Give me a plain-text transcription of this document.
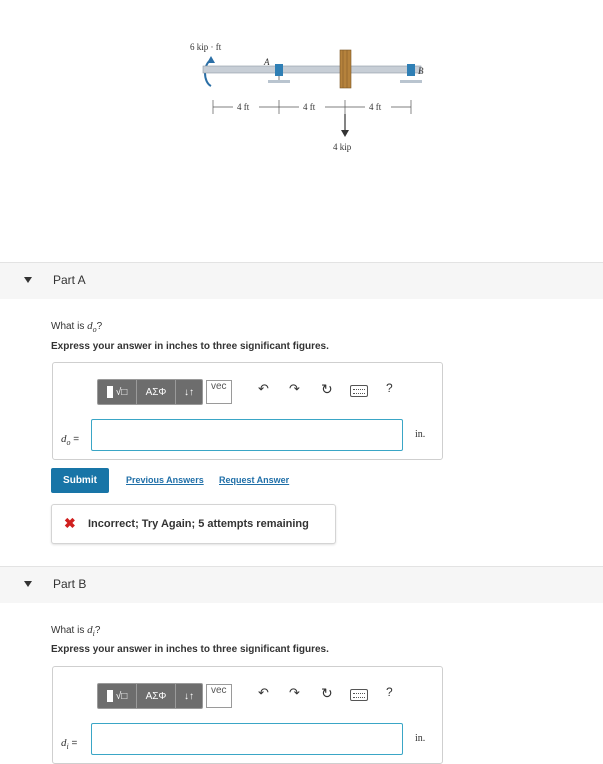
6 kip · ft
A
B
4 ft	4 ft	4 ft
4 kip
Part A
What is $d_o$?
Express your answer in inches to three significant figures.
√□	ΑΣΦ	↓↑	vec	↶ ↷ ↻	?
$d_o$ =	in.
Submit	Previous Answers Request Answer
✖ Incorrect; Try Again; 5 attempts remaining
Part B
What is $d_i$?
Express your answer in inches to three significant figures.
√□	ΑΣΦ	↓↑	vec	↶ ↷ ↻	?
$d_i$ =	in.
